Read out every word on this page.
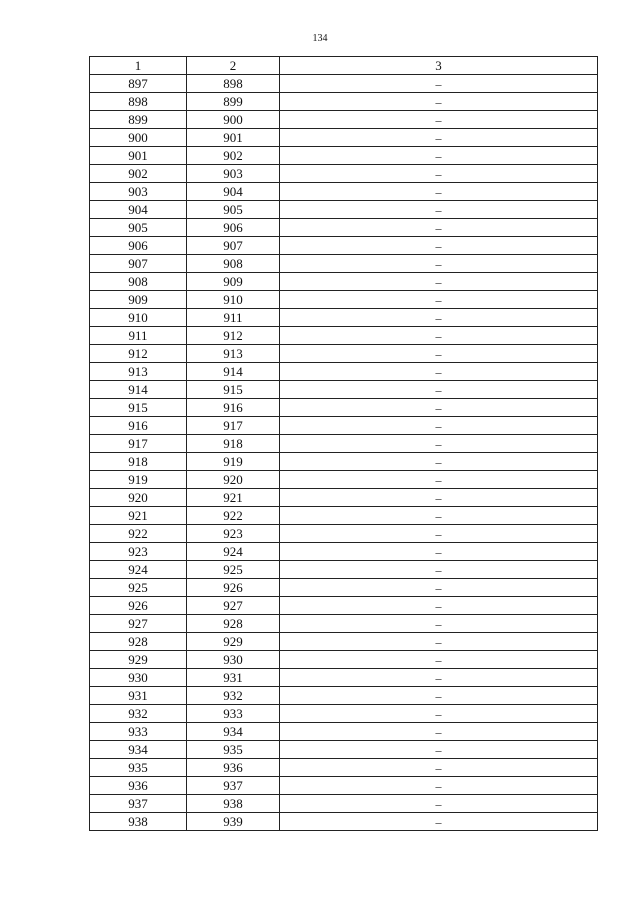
134
1	2	3
897	898	–
898	899	–
899	900	–
900	901	–
901	902	–
902	903	–
903	904	–
904	905	–
905	906	–
906	907	–
907	908	–
908	909	–
909	910	–
910	911	–
911	912	–
912	913	–
913	914	–
914	915	–
915	916	–
916	917	–
917	918	–
918	919	–
919	920	–
920	921	–
921	922	–
922	923	–
923	924	–
924	925	–
925	926	–
926	927	–
927	928	–
928	929	–
929	930	–
930	931	–
931	932	–
932	933	–
933	934	–
934	935	–
935	936	–
936	937	–
937	938	–
938	939	–
